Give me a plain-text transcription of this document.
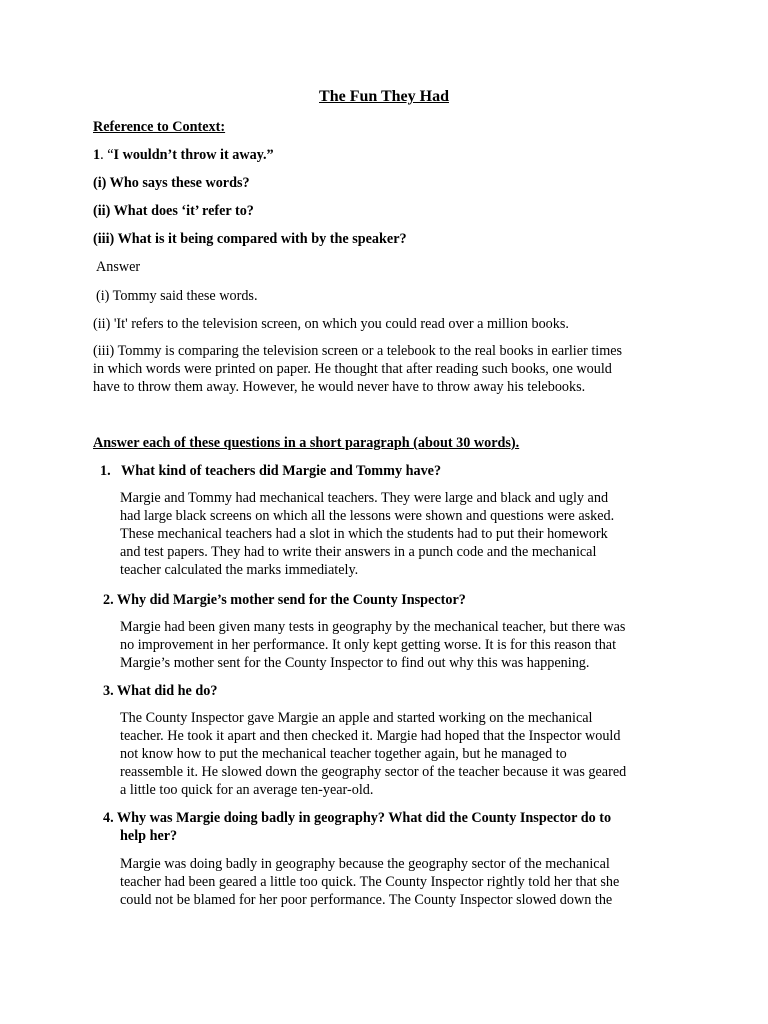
The Fun They Had
Reference to Context:
1. “I wouldn’t throw it away.”
(i) Who says these words?
(ii) What does ‘it’ refer to?
(iii) What is it being compared with by the speaker?
Answer
(i) Tommy said these words.
(ii) 'It' refers to the television screen, on which you could read over a million books.
(iii) Tommy is comparing the television screen or a telebook to the real books in earlier times
in which words were printed on paper. He thought that after reading such books, one would
have to throw them away. However, he would never have to throw away his telebooks.
Answer each of these questions in a short paragraph (about 30 words).
1.   What kind of teachers did Margie and Tommy have?
Margie and Tommy had mechanical teachers. They were large and black and ugly and
had large black screens on which all the lessons were shown and questions were asked.
These mechanical teachers had a slot in which the students had to put their homework
and test papers. They had to write their answers in a punch code and the mechanical
teacher calculated the marks immediately.
2. Why did Margie’s mother send for the County Inspector?
Margie had been given many tests in geography by the mechanical teacher, but there was
no improvement in her performance. It only kept getting worse. It is for this reason that
Margie’s mother sent for the County Inspector to find out why this was happening.
3. What did he do?
The County Inspector gave Margie an apple and started working on the mechanical
teacher. He took it apart and then checked it. Margie had hoped that the Inspector would
not know how to put the mechanical teacher together again, but he managed to
reassemble it. He slowed down the geography sector of the teacher because it was geared
a little too quick for an average ten-year-old.
4. Why was Margie doing badly in geography? What did the County Inspector do to
help her?
Margie was doing badly in geography because the geography sector of the mechanical
teacher had been geared a little too quick. The County Inspector rightly told her that she
could not be blamed for her poor performance. The County Inspector slowed down the
